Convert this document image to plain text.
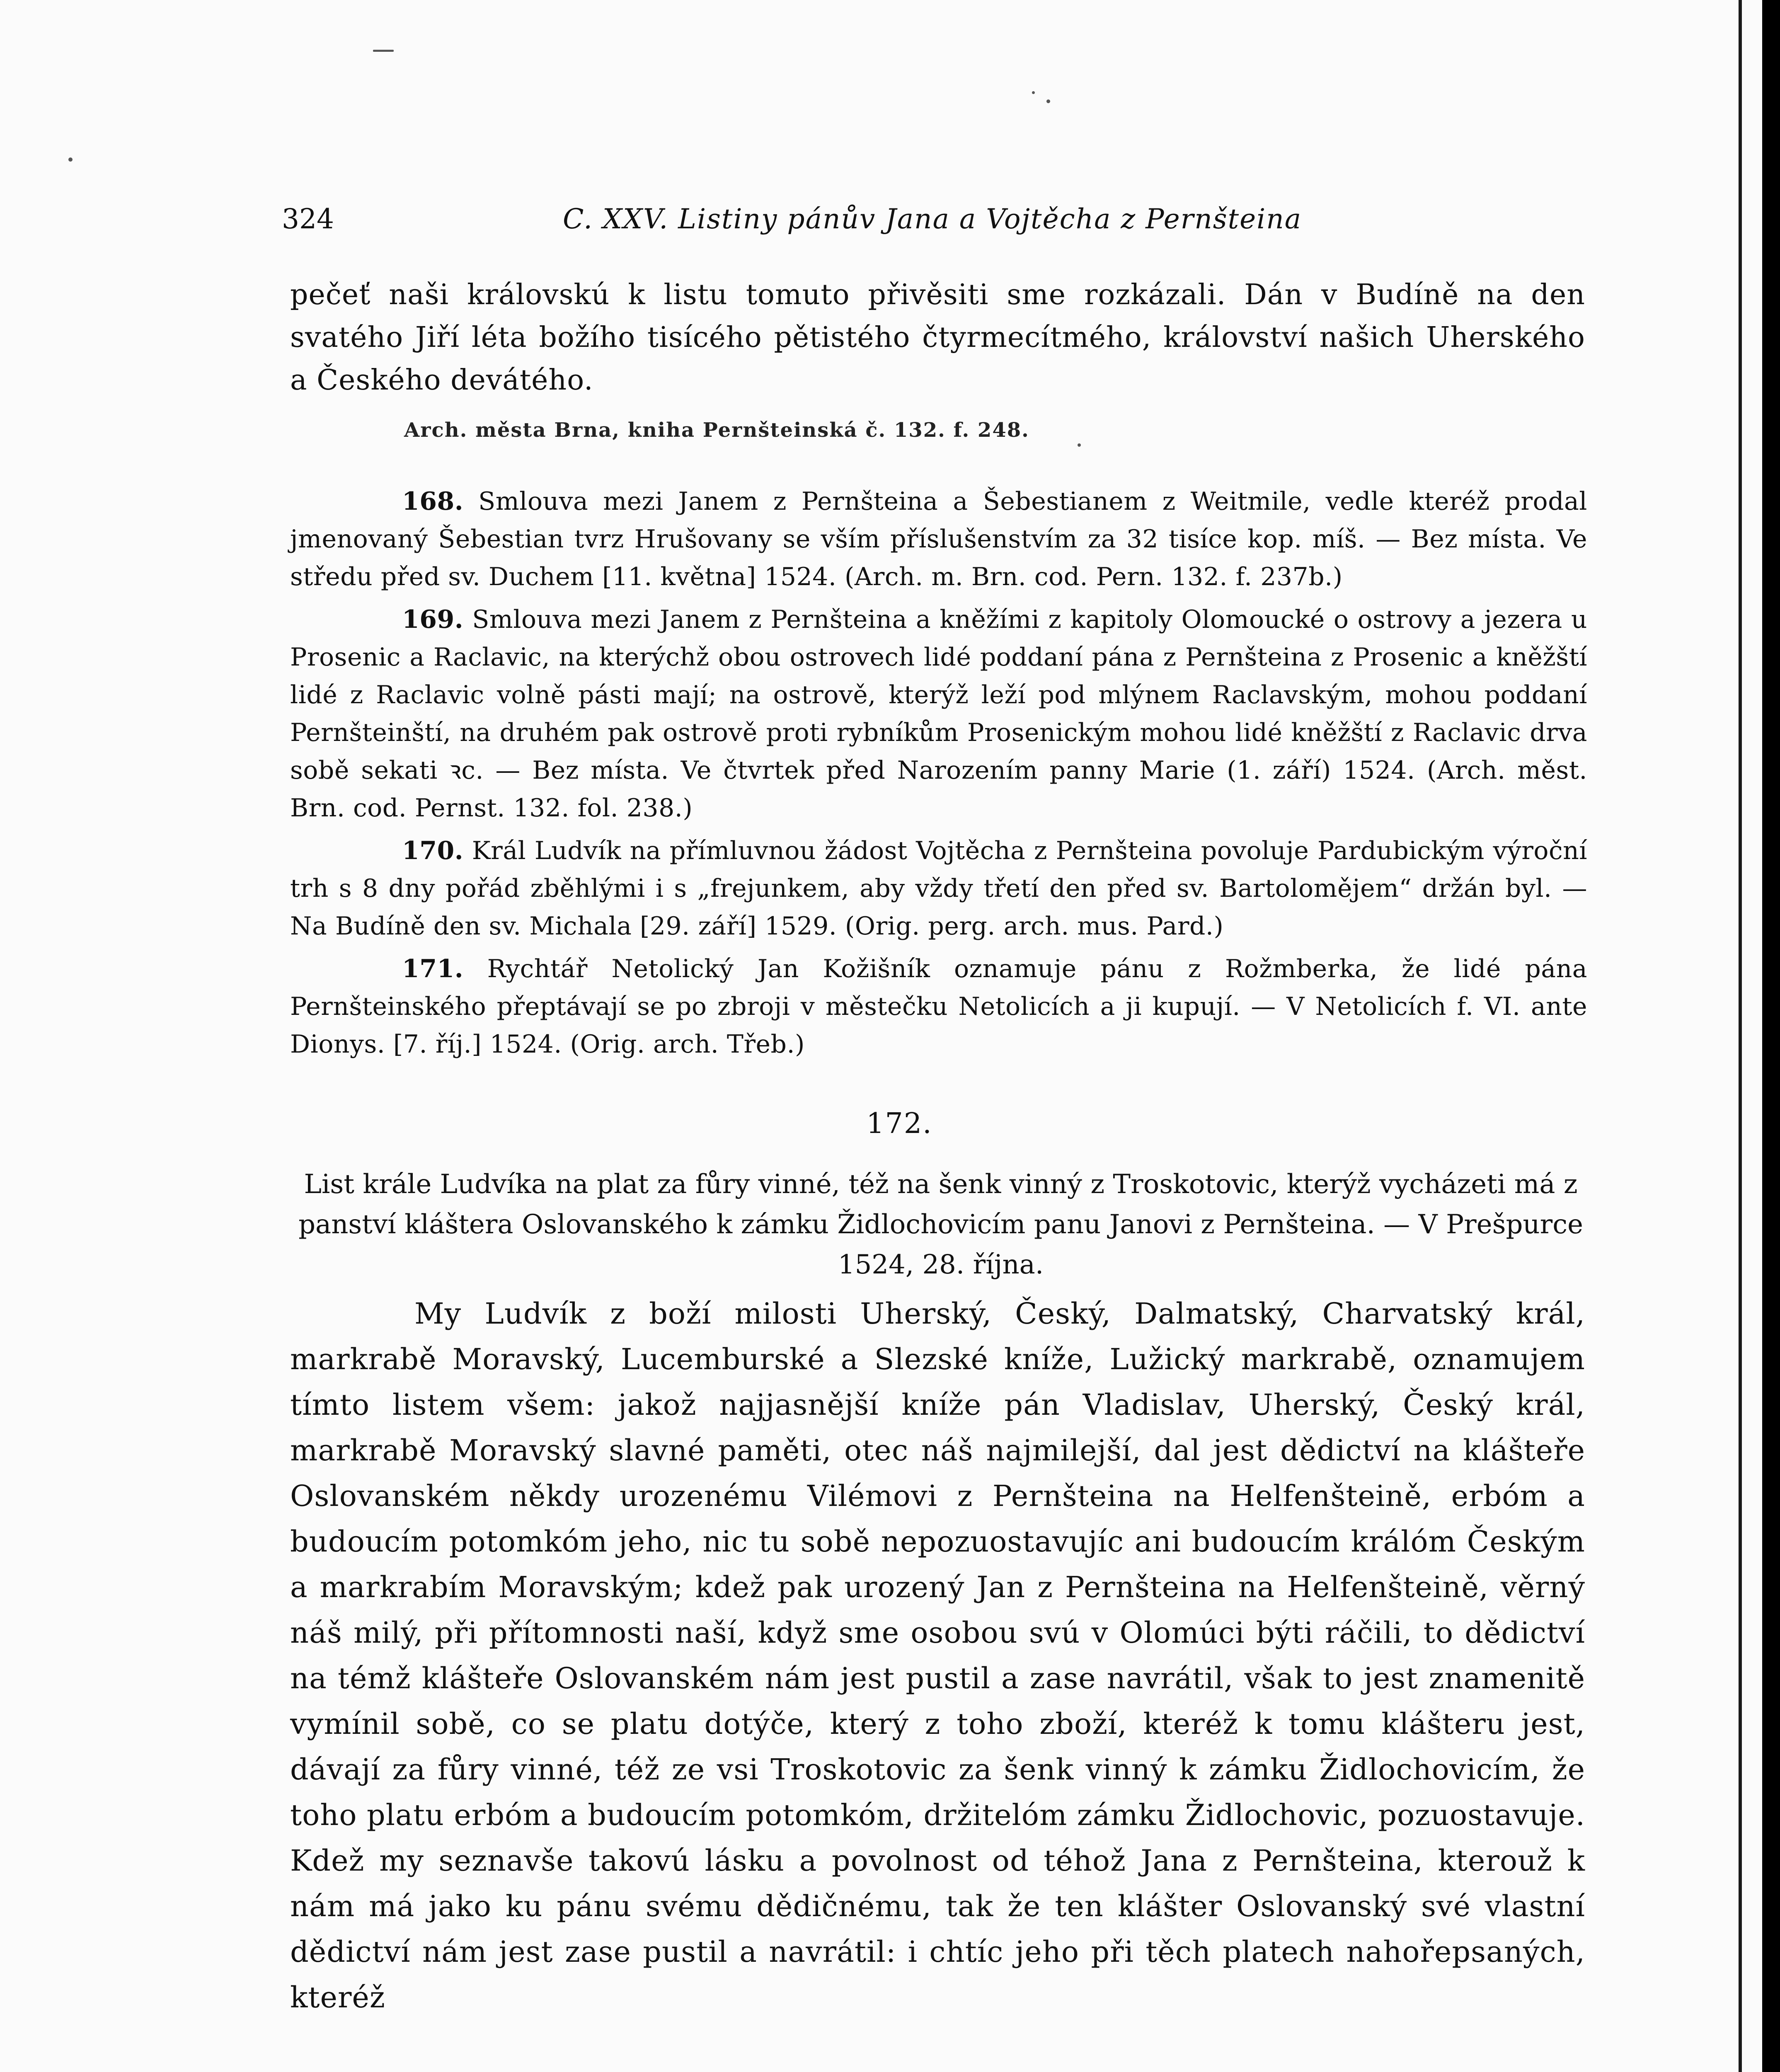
324	C. XXV. Listiny pánův Jana a Vojtěcha z Pernšteina
pečeť naši královskú k listu tomuto přivěsiti sme rozkázali. Dán v Budíně na den svatého Jiří léta božího tisícého pětistého čtyrmecítmého, království našich Uherského a Českého devátého.
Arch. města Brna, kniha Pernšteinská č. 132. f. 248.

168. Smlouva mezi Janem z Pernšteina a Šebestianem z Weitmile, vedle kteréž prodal jmenovaný Šebestian tvrz Hrušovany se vším příslušenstvím za 32 tisíce kop. míš. — Bez místa. Ve středu před sv. Duchem [11. května] 1524. (Arch. m. Brn. cod. Pern. 132. f. 237b.)

169. Smlouva mezi Janem z Pernšteina a kněžími z kapitoly Olomoucké o ostrovy a jezera u Prosenic a Raclavic, na kterýchž obou ostrovech lidé poddaní pána z Pernšteina z Prosenic a kněžští lidé z Raclavic volně pásti mají; na ostrově, kterýž leží pod mlýnem Raclavským, mohou poddaní Pernšteinští, na druhém pak ostrově proti rybníkům Prosenickým mohou lidé kněžští z Raclavic drva sobě sekati ꝛc. — Bez místa. Ve čtvrtek před Narozením panny Marie (1. září) 1524. (Arch. měst. Brn. cod. Pernst. 132. fol. 238.)

170. Král Ludvík na přímluvnou žádost Vojtěcha z Pernšteina povoluje Pardubickým výroční trh s 8 dny pořád zběhlými i s „frejunkem, aby vždy třetí den před sv. Bartolomějem“ držán byl. — Na Budíně den sv. Michala [29. září] 1529. (Orig. perg. arch. mus. Pard.)

171. Rychtář Netolický Jan Kožišník oznamuje pánu z Rožmberka, že lidé pána Pernšteinského přeptávají se po zbroji v městečku Netolicích a ji kupují. — V Netolicích f. VI. ante Dionys. [7. říj.] 1524. (Orig. arch. Třeb.)

172.
List krále Ludvíka na plat za fůry vinné, též na šenk vinný z Troskotovic, kterýž vycházeti má z panství kláštera Oslovanského k zámku Židlochovicím panu Janovi z Pernšteina. — V Prešpurce 1524, 28. října.
My Ludvík z boží milosti Uherský, Český, Dalmatský, Charvatský král, markrabě Moravský, Lucemburské a Slezské kníže, Lužický markrabě, oznamujem tímto listem všem: jakož najjasnější kníže pán Vladislav, Uherský, Český král, markrabě Moravský slavné paměti, otec náš najmilejší, dal jest dědictví na klášteře Oslovanském někdy urozenému Vilémovi z Pernšteina na Helfenšteině, erbóm a budoucím potomkóm jeho, nic tu sobě nepozuostavujíc ani budoucím králóm Českým a markrabím Moravským; kdež pak urozený Jan z Pernšteina na Helfenšteině, věrný náš milý, při přítomnosti naší, když sme osobou svú v Olomúci býti ráčili, to dědictví na témž klášteře Oslovanském nám jest pustil a zase navrátil, však to jest znamenitě vymínil sobě, co se platu dotýče, který z toho zboží, kteréž k tomu klášteru jest, dávají za fůry vinné, též ze vsi Troskotovic za šenk vinný k zámku Židlochovicím, že toho platu erbóm a budoucím potomkóm, držitelóm zámku Židlochovic, pozuostavuje. Kdež my seznavše takovú lásku a povolnost od téhož Jana z Pernšteina, kterouž k nám má jako ku pánu svému dědičnému, tak že ten klášter Oslovanský své vlastní dědictví nám jest zase pustil a navrátil: i chtíc jeho při těch platech nahořepsaných, kteréž
